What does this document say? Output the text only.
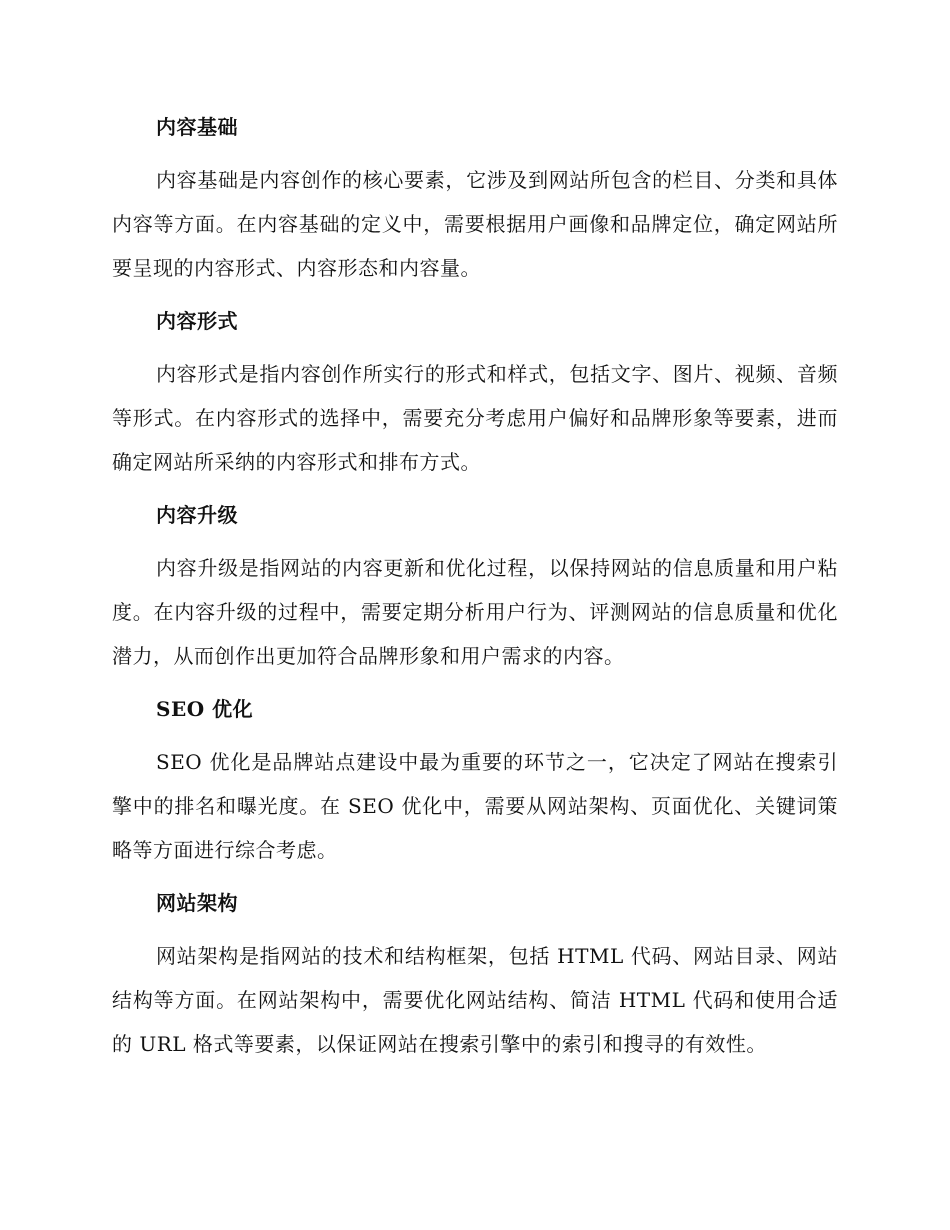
内容基础

内容基础是内容创作的核心要素，它涉及到网站所包含的栏目、分类和具体内容等方面。在内容基础的定义中，需要根据用户画像和品牌定位，确定网站所要呈现的内容形式、内容形态和内容量。

内容形式

内容形式是指内容创作所实行的形式和样式，包括文字、图片、视频、音频等形式。在内容形式的选择中，需要充分考虑用户偏好和品牌形象等要素，进而确定网站所采纳的内容形式和排布方式。

内容升级

内容升级是指网站的内容更新和优化过程，以保持网站的信息质量和用户粘度。在内容升级的过程中，需要定期分析用户行为、评测网站的信息质量和优化潜力，从而创作出更加符合品牌形象和用户需求的内容。

SEO 优化

SEO 优化是品牌站点建设中最为重要的环节之一，它决定了网站在搜索引擎中的排名和曝光度。在 SEO 优化中，需要从网站架构、页面优化、关键词策略等方面进行综合考虑。

网站架构

网站架构是指网站的技术和结构框架，包括 HTML 代码、网站目录、网站结构等方面。在网站架构中，需要优化网站结构、简洁 HTML 代码和使用合适的 URL 格式等要素，以保证网站在搜索引擎中的索引和搜寻的有效性。
